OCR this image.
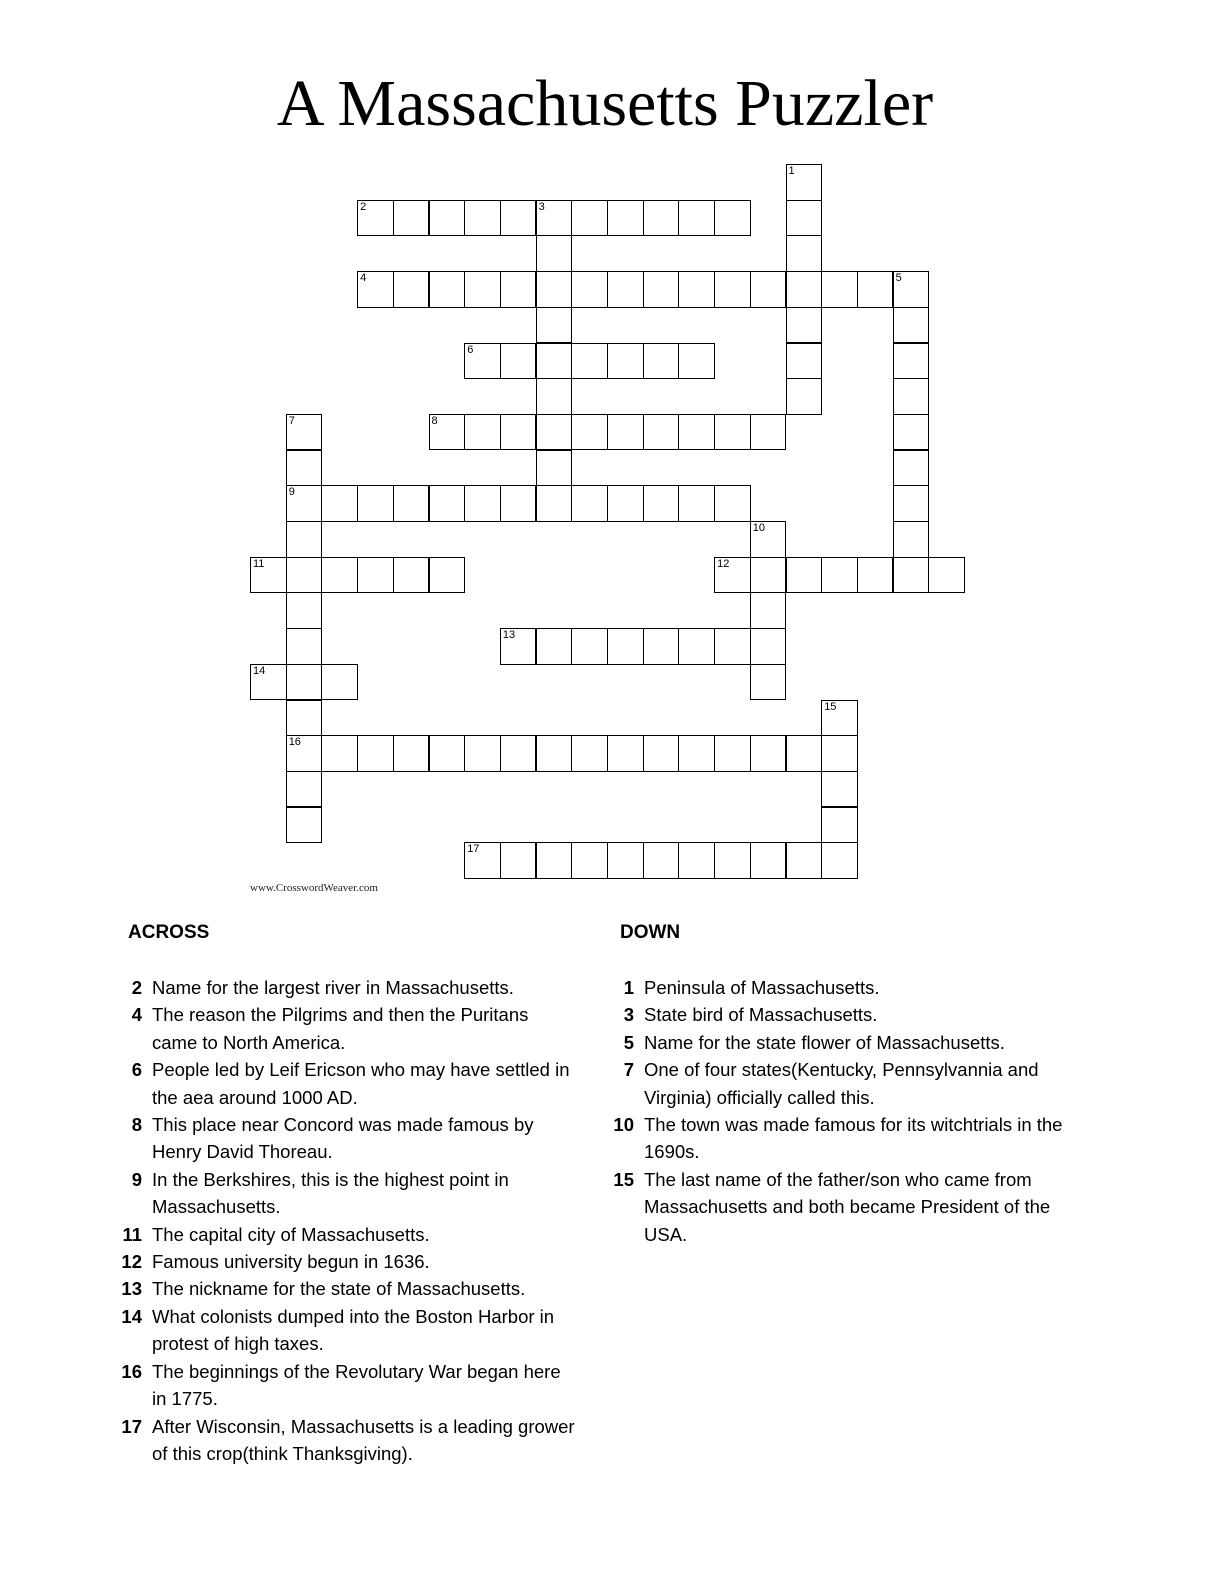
A Massachusetts Puzzler
2	3
4	5
6
8
9
11	12
13
14
16
17
1
7
10
15
www.CrosswordWeaver.com
ACROSS	DOWN
2 Name for the largest river in Massachusetts.
4 The reason the Pilgrims and then the Puritans came to North America.
6 People led by Leif Ericson who may have settled in the aea around 1000 AD.
8 This place near Concord was made famous by Henry David Thoreau.
9 In the Berkshires, this is the highest point in Massachusetts.
11 The capital city of Massachusetts.
12 Famous university begun in 1636.
13 The nickname for the state of Massachusetts.
14 What colonists dumped into the Boston Harbor in protest of high taxes.
16 The beginnings of the Revolutary War began here in 1775.
17 After Wisconsin, Massachusetts is a leading grower of this crop(think Thanksgiving).
1 Peninsula of Massachusetts.
3 State bird of Massachusetts.
5 Name for the state flower of Massachusetts.
7 One of four states(Kentucky, Pennsylvannia and Virginia) officially called this.
10 The town was made famous for its witchtrials in the 1690s.
15 The last name of the father/son who came from Massachusetts and both became President of the USA.
